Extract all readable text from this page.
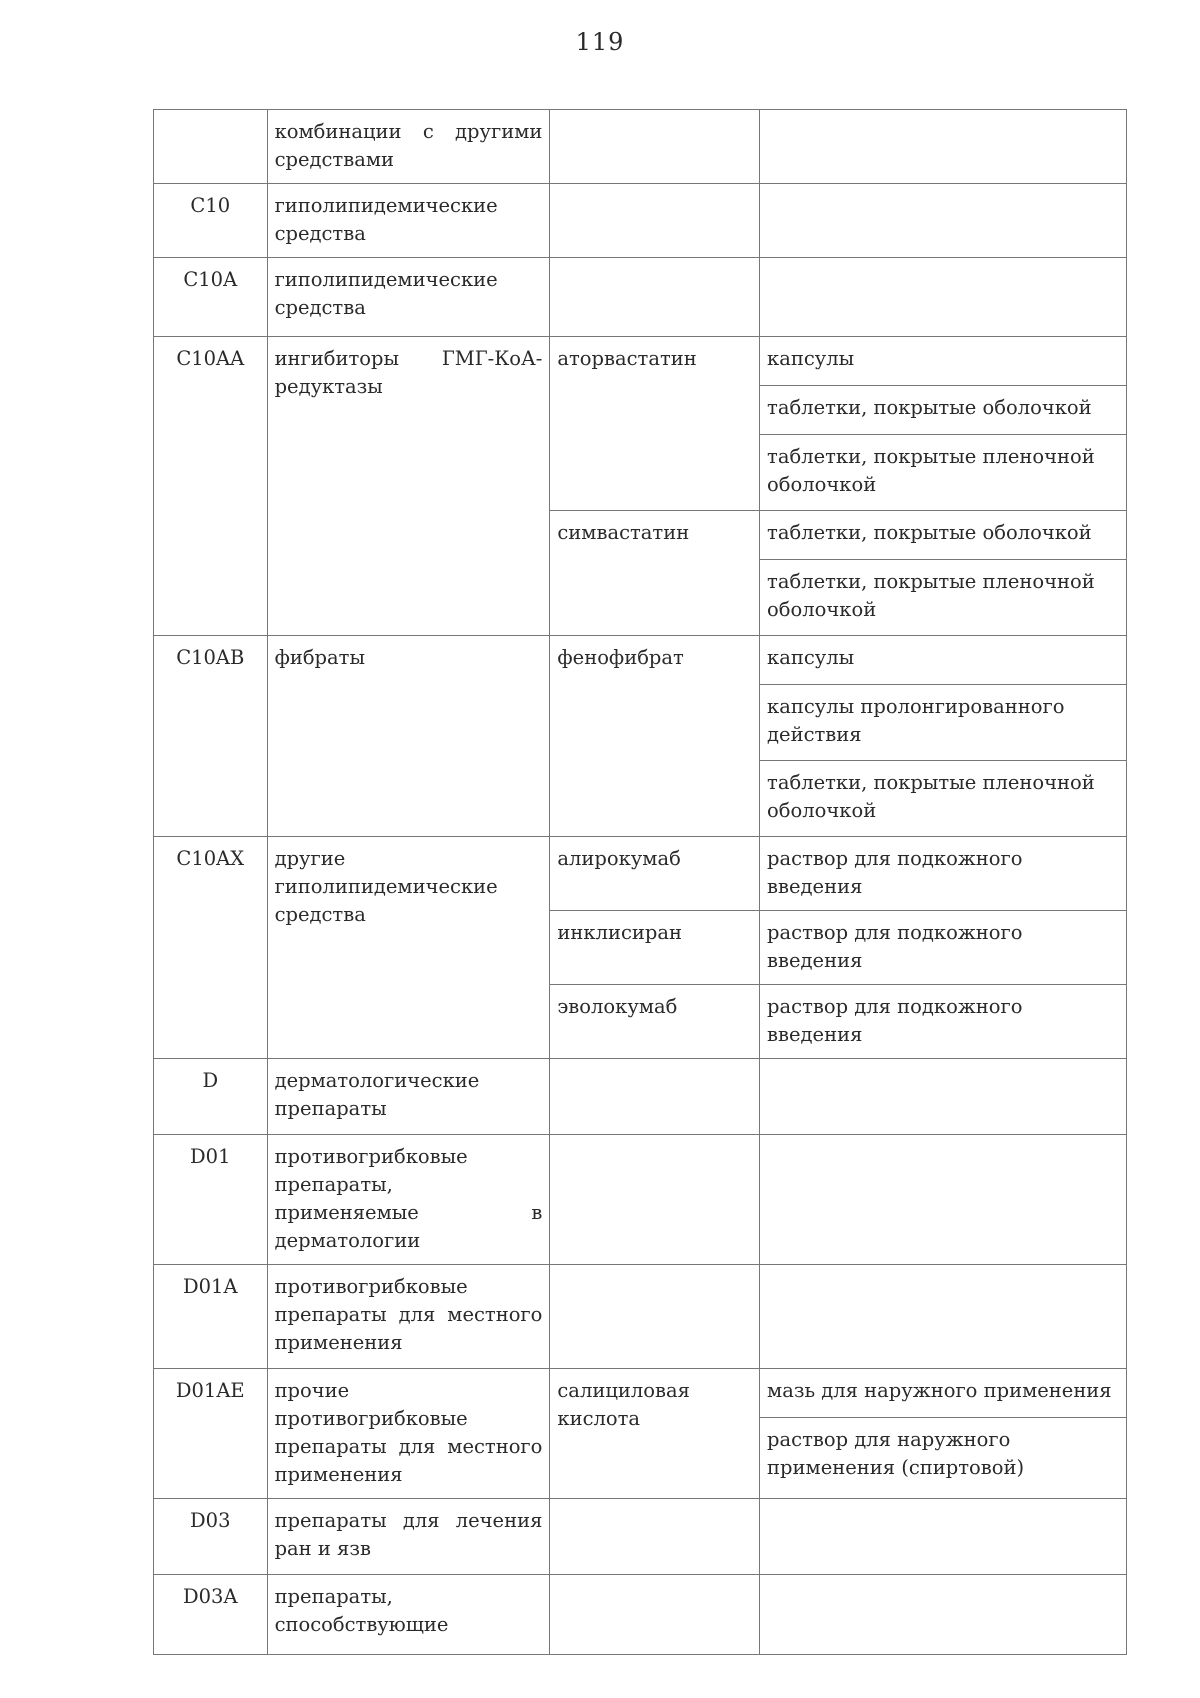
119

	комбинации с другими средствами		

C10	гиполипидемические средства		

C10A	гиполипидемические средства		

C10AA	ингибиторы ГМГ-КоА-редуктазы	аторвастатин	капсулы
			таблетки, покрытые оболочкой
			таблетки, покрытые пленочной оболочкой
		симвастатин	таблетки, покрытые оболочкой
			таблетки, покрытые пленочной оболочкой
C10AB	фибраты	фенофибрат	капсулы
			капсулы пролонгированного действия
			таблетки, покрытые пленочной оболочкой
C10AX	другие гиполипидемические средства	алирокумаб	раствор для подкожного введения
		инклисиран	раствор для подкожного введения
		эволокумаб	раствор для подкожного введения
D	дерматологические препараты		

D01	противогрибковые препараты, применяемые в дерматологии		

D01A	противогрибковые препараты для местного применения		

D01AE	прочие противогрибковые препараты для местного применения	салициловая кислота	мазь для наружного применения

			раствор для наружного применения (спиртовой)

D03	препараты для лечения ран и язв		

D03A	препараты, способствующие		
